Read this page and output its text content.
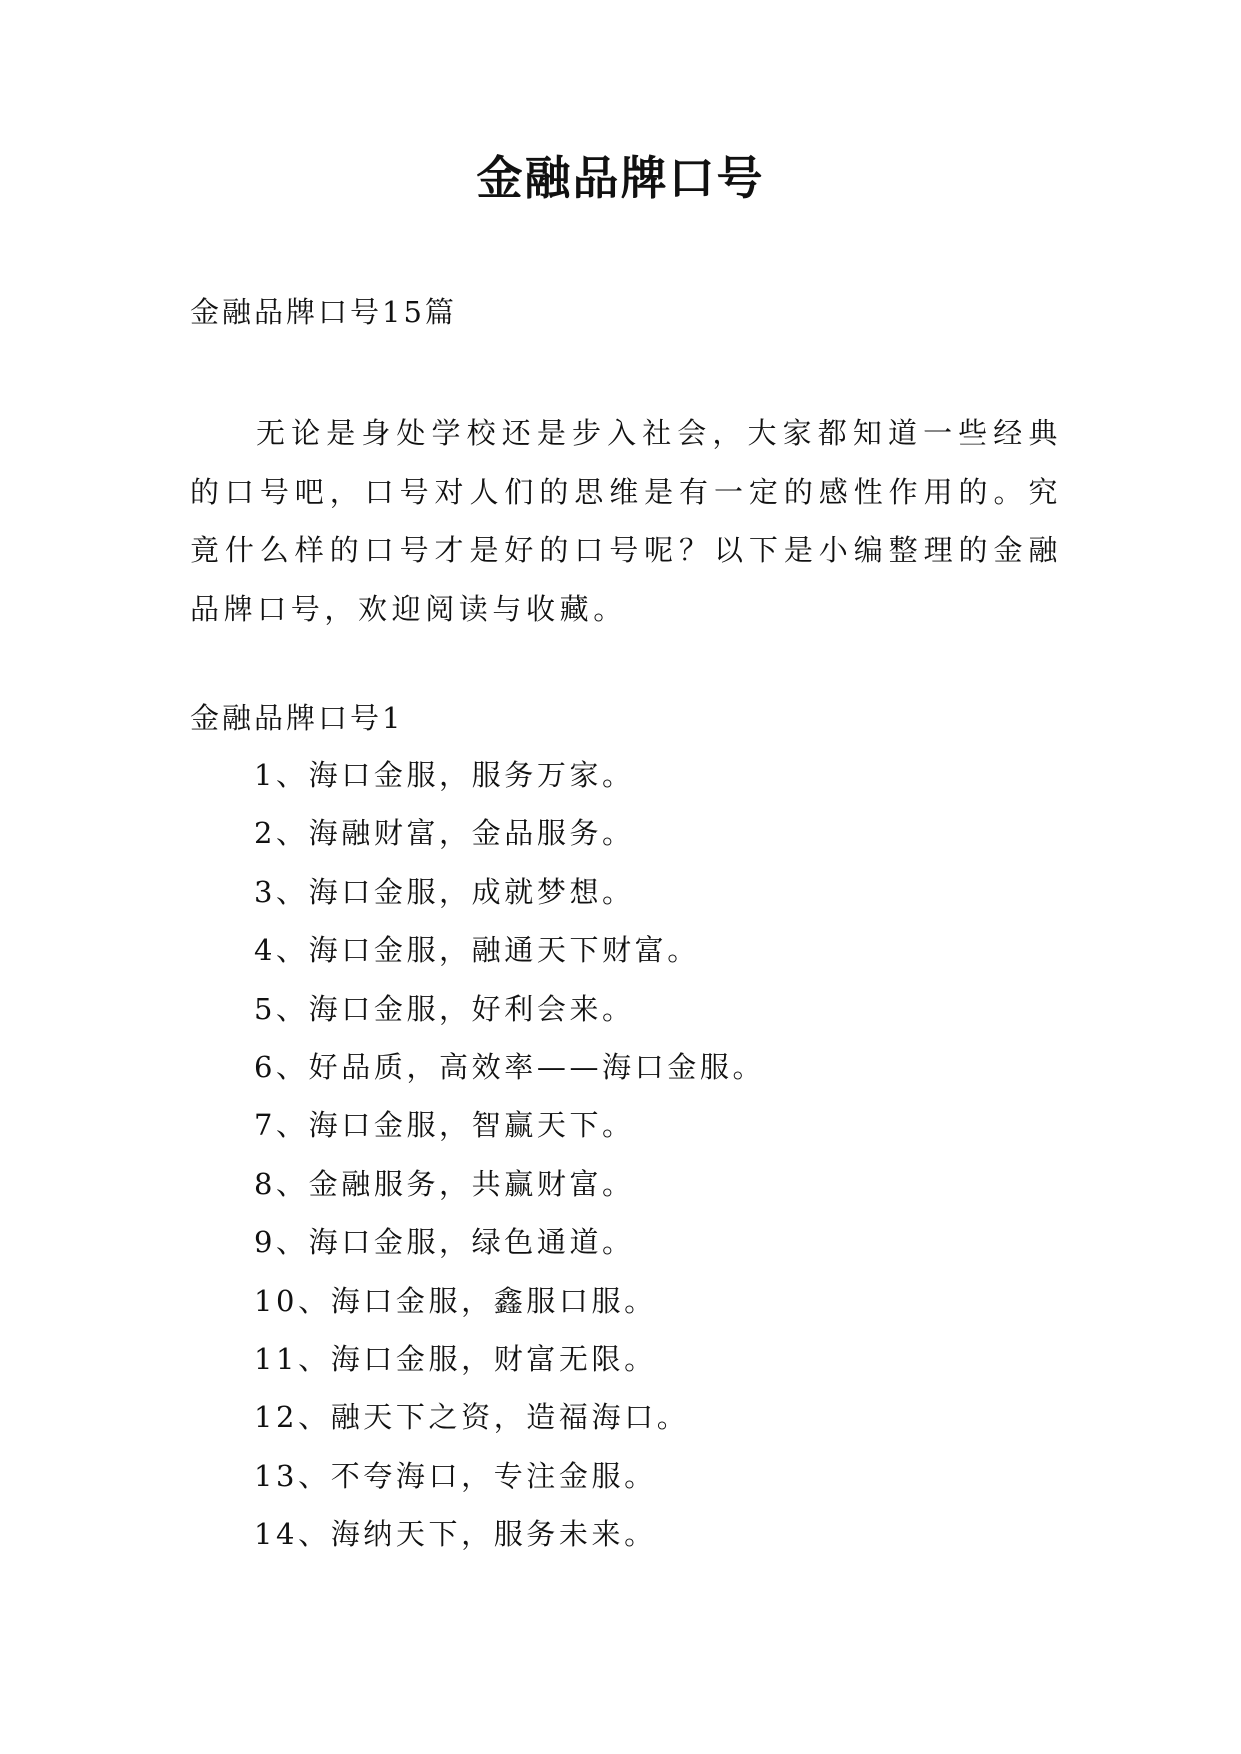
金融品牌口号

金融品牌口号15篇

无论是身处学校还是步入社会，大家都知道一些经典的口号吧，口号对人们的思维是有一定的感性作用的。究竟什么样的口号才是好的口号呢？以下是小编整理的金融品牌口号，欢迎阅读与收藏。

金融品牌口号1

1、海口金服，服务万家。
2、海融财富，金品服务。
3、海口金服，成就梦想。
4、海口金服，融通天下财富。
5、海口金服，好利会来。
6、好品质，高效率——海口金服。
7、海口金服，智赢天下。
8、金融服务，共赢财富。
9、海口金服，绿色通道。
10、海口金服，鑫服口服。
11、海口金服，财富无限。
12、融天下之资，造福海口。
13、不夸海口，专注金服。
14、海纳天下，服务未来。
